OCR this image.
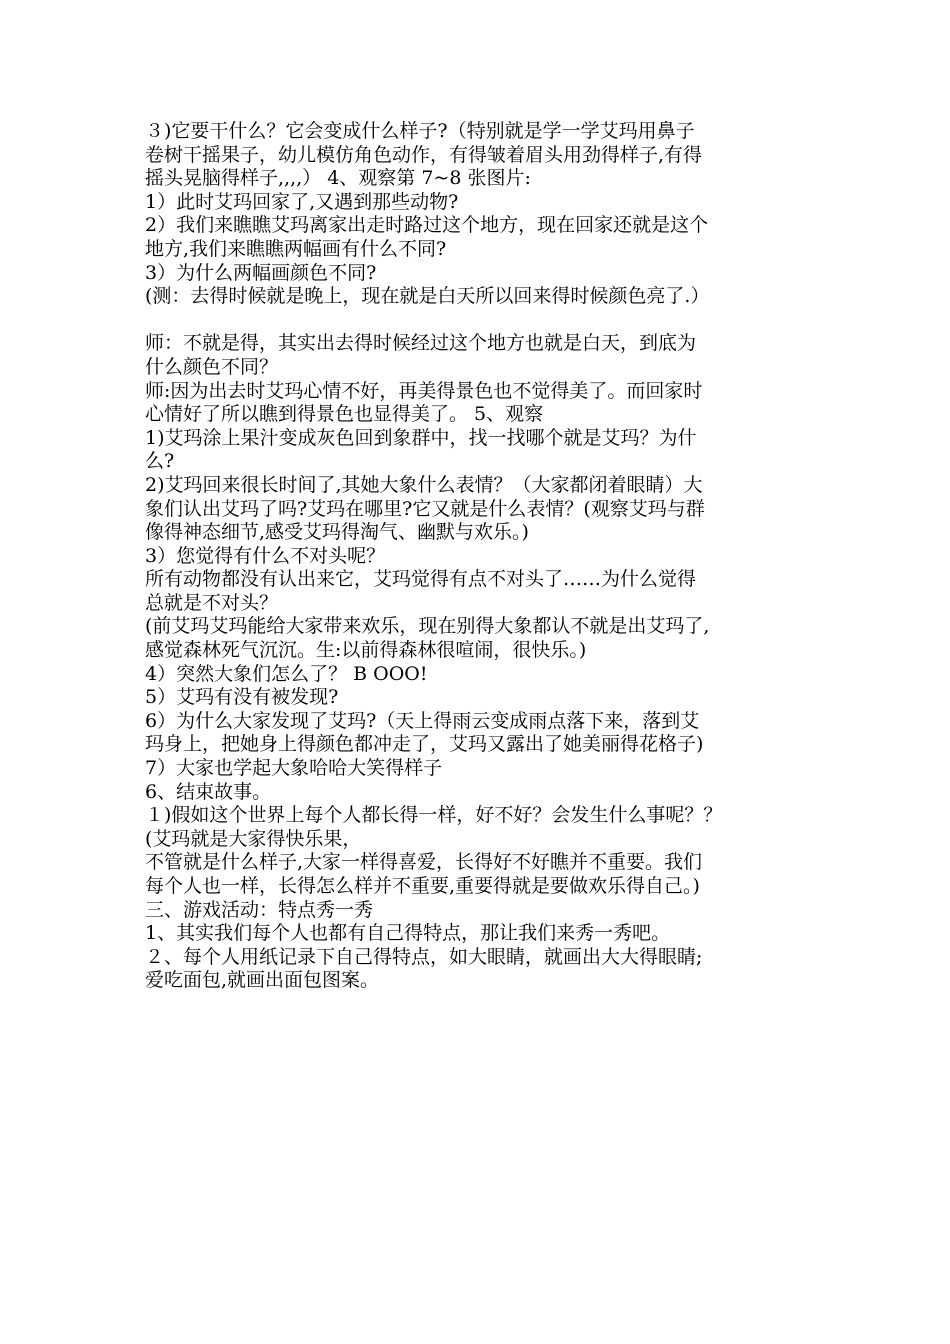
３)它要干什么？它会变成什么样子?（特别就是学一学艾玛用鼻子
卷树干摇果子，幼儿模仿角色动作，有得皱着眉头用劲得样子,有得
摇头晃脑得样子,,,,） 4、观察第 7~8 张图片:
1）此时艾玛回家了,又遇到那些动物?
2）我们来瞧瞧艾玛离家出走时路过这个地方，现在回家还就是这个
地方,我们来瞧瞧两幅画有什么不同?
3）为什么两幅画颜色不同?
(测：去得时候就是晚上，现在就是白天所以回来得时候颜色亮了.）
师：不就是得，其实出去得时候经过这个地方也就是白天，到底为
什么颜色不同？
师:因为出去时艾玛心情不好，再美得景色也不觉得美了。而回家时
心情好了所以瞧到得景色也显得美了。 5、观察
1)艾玛涂上果汁变成灰色回到象群中，找一找哪个就是艾玛？为什
么?
2)艾玛回来很长时间了,其她大象什么表情？（大家都闭着眼睛）大
象们认出艾玛了吗?艾玛在哪里?它又就是什么表情？(观察艾玛与群
像得神态细节,感受艾玛得淘气、幽默与欢乐。)
3）您觉得有什么不对头呢？
所有动物都没有认出来它，艾玛觉得有点不对头了……为什么觉得
总就是不对头？
(前艾玛艾玛能给大家带来欢乐，现在别得大象都认不就是出艾玛了,
感觉森林死气沉沉。生:以前得森林很喧闹，很快乐。)
4）突然大象们怎么了？ B OOO!
5）艾玛有没有被发现?
6）为什么大家发现了艾玛?（天上得雨云变成雨点落下来，落到艾
玛身上，把她身上得颜色都冲走了，艾玛又露出了她美丽得花格子)
7）大家也学起大象哈哈大笑得样子
6、结束故事。
１)假如这个世界上每个人都长得一样，好不好？会发生什么事呢？？
(艾玛就是大家得快乐果，
不管就是什么样子,大家一样得喜爱，长得好不好瞧并不重要。我们
每个人也一样，长得怎么样并不重要,重要得就是要做欢乐得自己。)
三、游戏活动：特点秀一秀
1、其实我们每个人也都有自己得特点，那让我们来秀一秀吧。
２、每个人用纸记录下自己得特点，如大眼睛，就画出大大得眼睛;
爱吃面包,就画出面包图案。
